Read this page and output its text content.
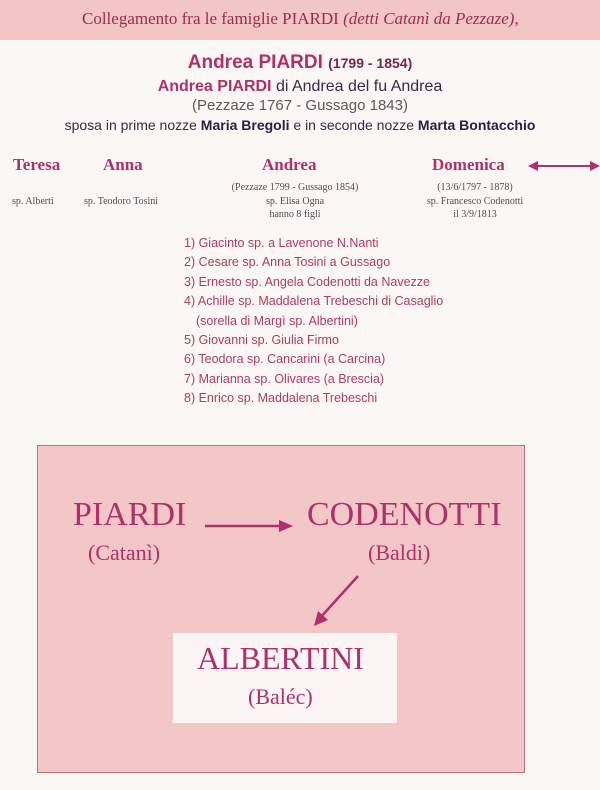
Collegamento fra le famiglie PIARDI (detti Catanì da Pezzaze),
Andrea PIARDI (1799 - 1854)
Andrea PIARDI di Andrea del fu Andrea
(Pezzaze 1767 - Gussago 1843)
sposa in prime nozze Maria Bregoli e in seconde nozze Marta Bontacchio
Teresa
sp. Alberti
Anna
sp. Teodoro Tosini
Andrea
(Pezzaze 1799 - Gussago 1854)
sp. Elisa Ogna
hanno 8 figli
Domenica
(13/6/1797 - 1878)
sp. Francesco Codenotti
il 3/9/1813
1) Giacinto sp. a Lavenone N.Nanti
2) Cesare sp. Anna Tosini a Gussago
3) Ernesto sp. Angela Codenotti da Navezze
4) Achille sp. Maddalena Trebeschi di Casaglio
(sorella di Margì sp. Albertini)
5) Giovanni sp. Giulia Firmo
6) Teodora sp. Cancarini (a Carcina)
7) Marianna sp. Olivares (a Brescia)
8) Enrico sp. Maddalena Trebeschi
PIARDI
(Catanì)
CODENOTTI
(Baldi)
ALBERTINI
(Baléc)
